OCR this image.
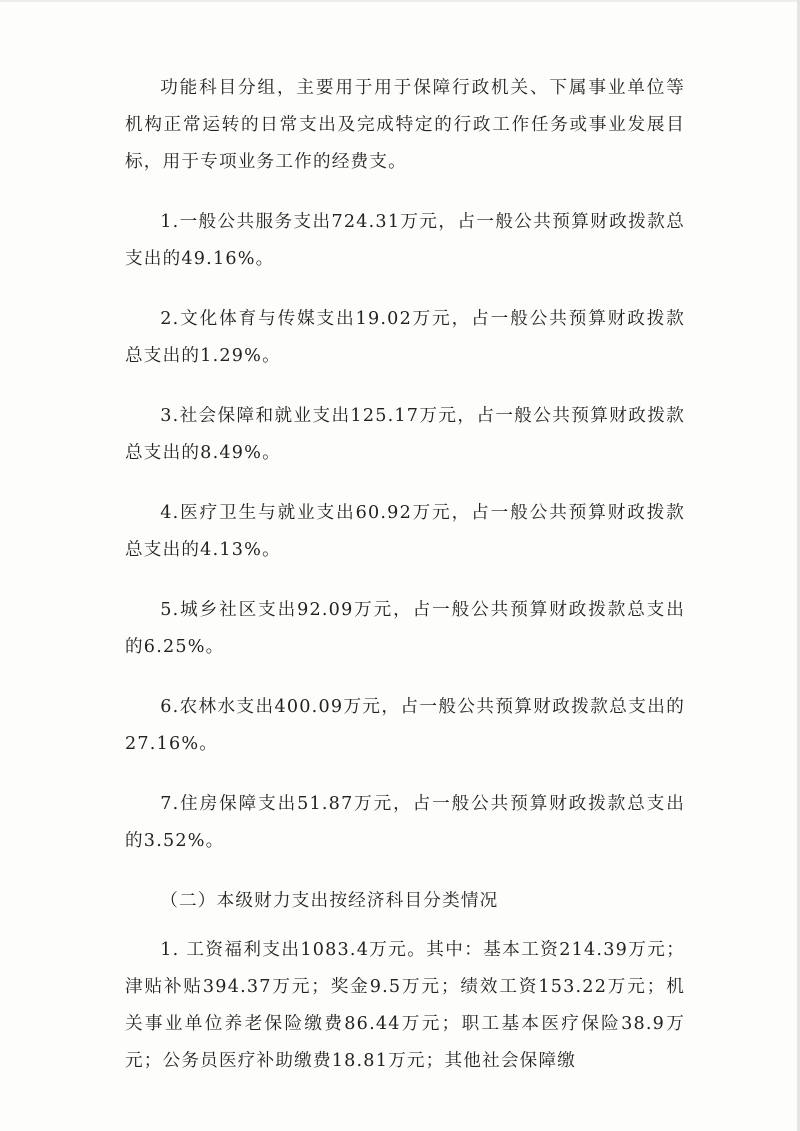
功能科目分组，主要用于用于保障行政机关、下属事业单位等机构正常运转的日常支出及完成特定的行政工作任务或事业发展目标，用于专项业务工作的经费支。

1.一般公共服务支出724.31万元，占一般公共预算财政拨款总支出的49.16%。

2.文化体育与传媒支出19.02万元，占一般公共预算财政拨款总支出的1.29%。

3.社会保障和就业支出125.17万元，占一般公共预算财政拨款总支出的8.49%。

4.医疗卫生与就业支出60.92万元，占一般公共预算财政拨款总支出的4.13%。

5.城乡社区支出92.09万元，占一般公共预算财政拨款总支出的6.25%。

6.农林水支出400.09万元，占一般公共预算财政拨款总支出的27.16%。

7.住房保障支出51.87万元，占一般公共预算财政拨款总支出的3.52%。

（二）本级财力支出按经济科目分类情况

1. 工资福利支出1083.4万元。其中：基本工资214.39万元；津贴补贴394.37万元；奖金9.5万元；绩效工资153.22万元；机关事业单位养老保险缴费86.44万元；职工基本医疗保险38.9万元；公务员医疗补助缴费18.81万元；其他社会保障缴
